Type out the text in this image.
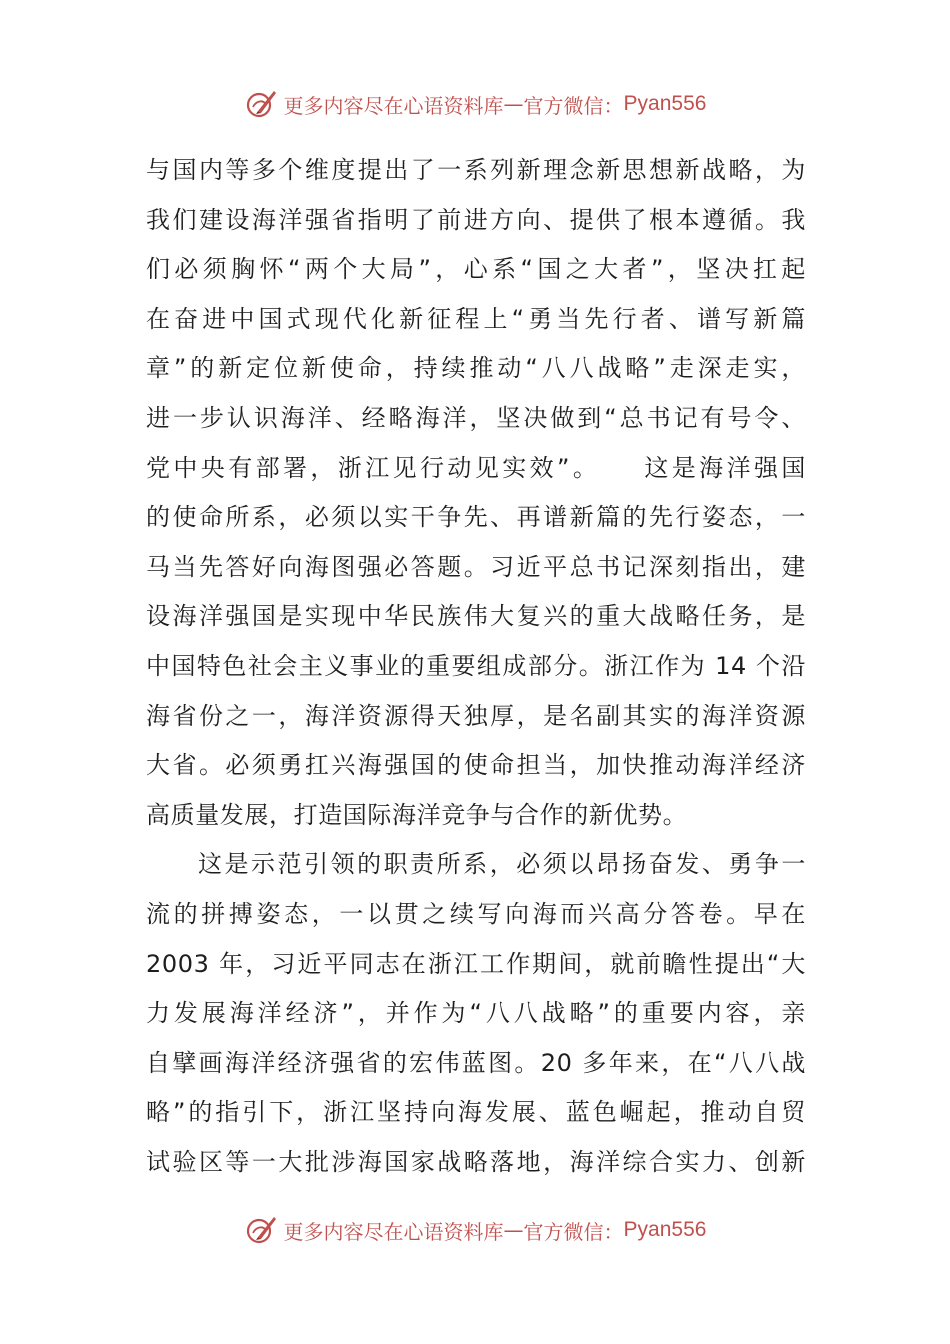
更多内容尽在心语资料库 — 官方微信： Pyan556
与国内等多个维度提出了一系列新理念新思想新战略，为
我们建设海洋强省指明了前进方向、提供了根本遵循。我
们必须胸怀“两个大局”，心系“国之大者”，坚决扛起
在奋进中国式现代化新征程上“勇当先行者、谱写新篇
章”的新定位新使命，持续推动“八八战略”走深走实，
进一步认识海洋、经略海洋，坚决做到“总书记有号令、
党中央有部署，浙江见行动见实效”。    这是海洋强国
的使命所系，必须以实干争先、再谱新篇的先行姿态，一
马当先答好向海图强必答题。习近平总书记深刻指出，建
设海洋强国是实现中华民族伟大复兴的重大战略任务，是
中国特色社会主义事业的重要组成部分。浙江作为 14 个沿
海省份之一，海洋资源得天独厚，是名副其实的海洋资源
大省。必须勇扛兴海强国的使命担当，加快推动海洋经济
高质量发展，打造国际海洋竞争与合作的新优势。
这是示范引领的职责所系，必须以昂扬奋发、勇争一
流的拼搏姿态，一以贯之续写向海而兴高分答卷。早在
2003 年，习近平同志在浙江工作期间，就前瞻性提出“大
力发展海洋经济”，并作为“八八战略”的重要内容，亲
自擘画海洋经济强省的宏伟蓝图。20 多年来，在“八八战
略”的指引下，浙江坚持向海发展、蓝色崛起，推动自贸
试验区等一大批涉海国家战略落地，海洋综合实力、创新
更多内容尽在心语资料库 — 官方微信： Pyan556
